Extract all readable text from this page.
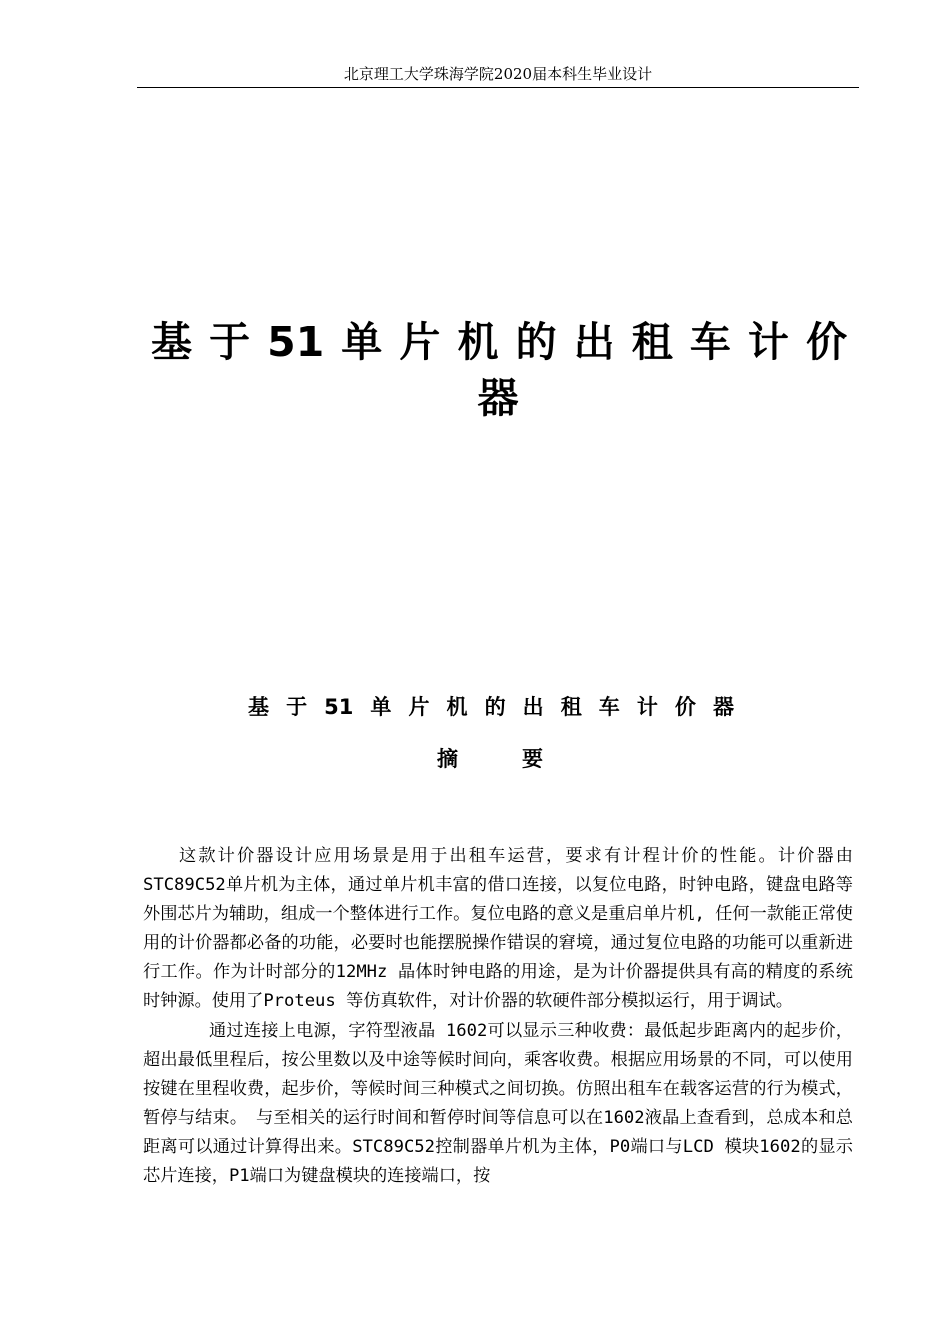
北京理工大学珠海学院2020届本科生毕业设计
基于51单片机的出租车计价
器
基于51单片机的出租车计价器
摘要

这款计价器设计应用场景是用于出租车运营，要求有计程计价的性能。计价器由STC89C52单片机为主体，通过单片机丰富的借口连接，以复位电路，时钟电路，键盘电路等外围芯片为辅助，组成一个整体进行工作。复位电路的意义是重启单片机, 任何一款能正常使用的计价器都必备的功能，必要时也能摆脱操作错误的窘境，通过复位电路的功能可以重新进行工作。作为计时部分的12MHz 晶体时钟电路的用途，是为计价器提供具有高的精度的系统时钟源。使用了Proteus 等仿真软件，对计价器的软硬件部分模拟运行，用于调试。

通过连接上电源，字符型液晶 1602可以显示三种收费：最低起步距离内的起步价，超出最低里程后，按公里数以及中途等候时间向，乘客收费。根据应用场景的不同，可以使用按键在里程收费，起步价，等候时间三种模式之间切换。仿照出租车在载客运营的行为模式，暂停与结束。　与至相关的运行时间和暂停时间等信息可以在1602液晶上查看到，总成本和总距离可以通过计算得出来。STC89C52控制器单片机为主体，P0端口与LCD 模块1602的显示芯片连接，P1端口为键盘模块的连接端口，按
